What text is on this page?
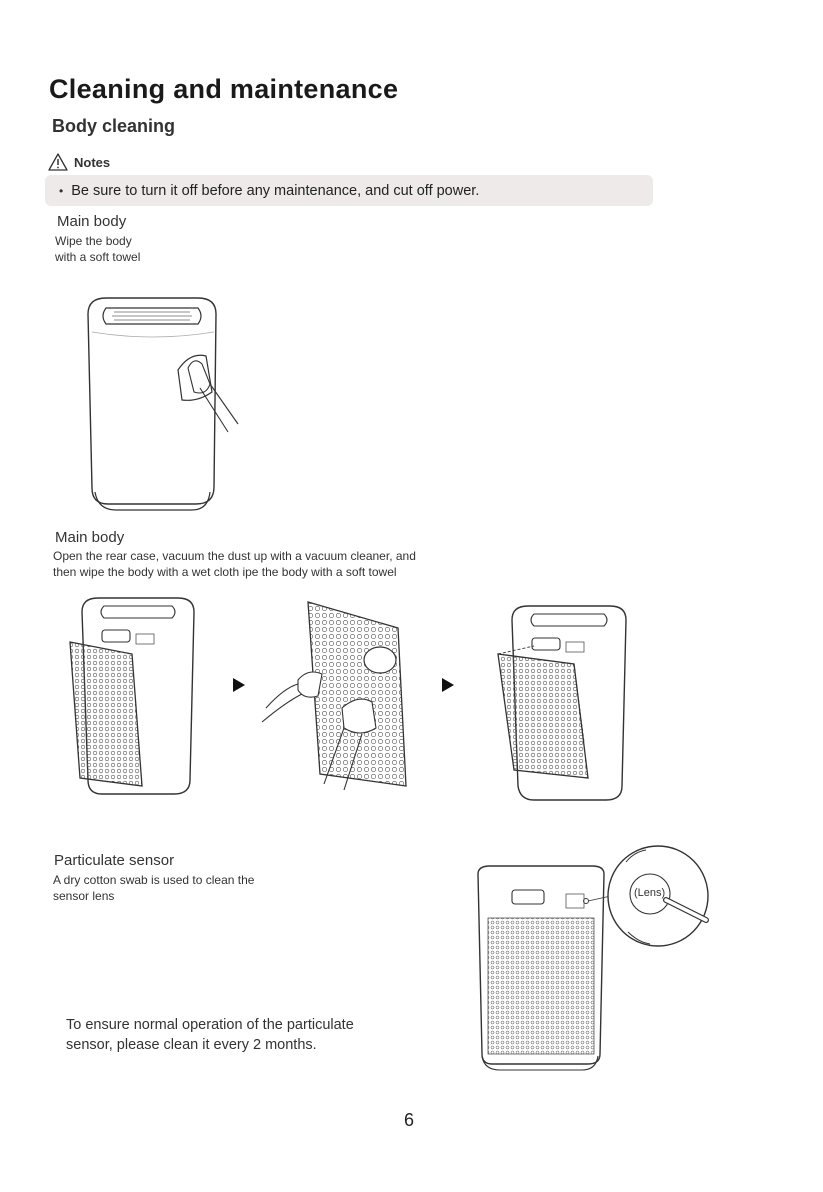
Cleaning and maintenance
Body cleaning
Notes
• Be sure to turn it off before any maintenance, and cut off power.
Main body
Wipe the body
with a soft towel
Main body
Open the rear case, vacuum the dust up with a vacuum cleaner, and
then wipe the body with a wet cloth ipe the body with a soft towel
Particulate sensor
A dry cotton swab is used to clean the
sensor lens	(Lens)
To ensure normal operation of the particulate
sensor, please clean it every 2 months.
6
